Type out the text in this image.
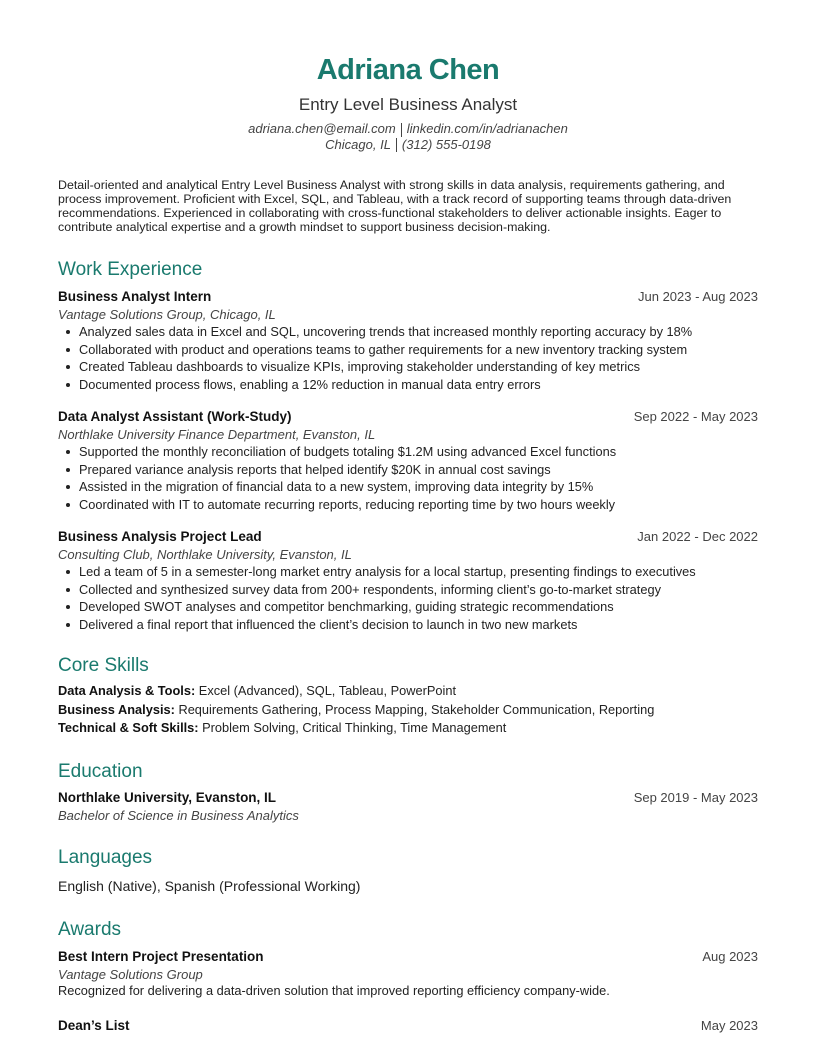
Adriana Chen
Entry Level Business Analyst
adriana.chen@email.com linkedin.com/in/adrianachen
Chicago, IL (312) 555-0198
Detail-oriented and analytical Entry Level Business Analyst with strong skills in data analysis, requirements gathering, and process improvement. Proficient with Excel, SQL, and Tableau, with a track record of supporting teams through data-driven recommendations. Experienced in collaborating with cross-functional stakeholders to deliver actionable insights. Eager to contribute analytical expertise and a growth mindset to support business decision-making.
Work Experience
Business Analyst Intern	Jun 2023 - Aug 2023
Vantage Solutions Group, Chicago, IL
Analyzed sales data in Excel and SQL, uncovering trends that increased monthly reporting accuracy by 18%
Collaborated with product and operations teams to gather requirements for a new inventory tracking system
Created Tableau dashboards to visualize KPIs, improving stakeholder understanding of key metrics
Documented process flows, enabling a 12% reduction in manual data entry errors
Data Analyst Assistant (Work-Study)	Sep 2022 - May 2023
Northlake University Finance Department, Evanston, IL
Supported the monthly reconciliation of budgets totaling $1.2M using advanced Excel functions
Prepared variance analysis reports that helped identify $20K in annual cost savings
Assisted in the migration of financial data to a new system, improving data integrity by 15%
Coordinated with IT to automate recurring reports, reducing reporting time by two hours weekly
Business Analysis Project Lead	Jan 2022 - Dec 2022
Consulting Club, Northlake University, Evanston, IL
Led a team of 5 in a semester-long market entry analysis for a local startup, presenting findings to executives
Collected and synthesized survey data from 200+ respondents, informing client’s go-to-market strategy
Developed SWOT analyses and competitor benchmarking, guiding strategic recommendations
Delivered a final report that influenced the client’s decision to launch in two new markets
Core Skills
Data Analysis & Tools: Excel (Advanced), SQL, Tableau, PowerPoint
Business Analysis: Requirements Gathering, Process Mapping, Stakeholder Communication, Reporting
Technical & Soft Skills: Problem Solving, Critical Thinking, Time Management
Education
Northlake University, Evanston, IL	Sep 2019 - May 2023
Bachelor of Science in Business Analytics
Languages
English (Native), Spanish (Professional Working)
Awards
Best Intern Project Presentation	Aug 2023
Vantage Solutions Group
Recognized for delivering a data-driven solution that improved reporting efficiency company-wide.
Dean’s List	May 2023
